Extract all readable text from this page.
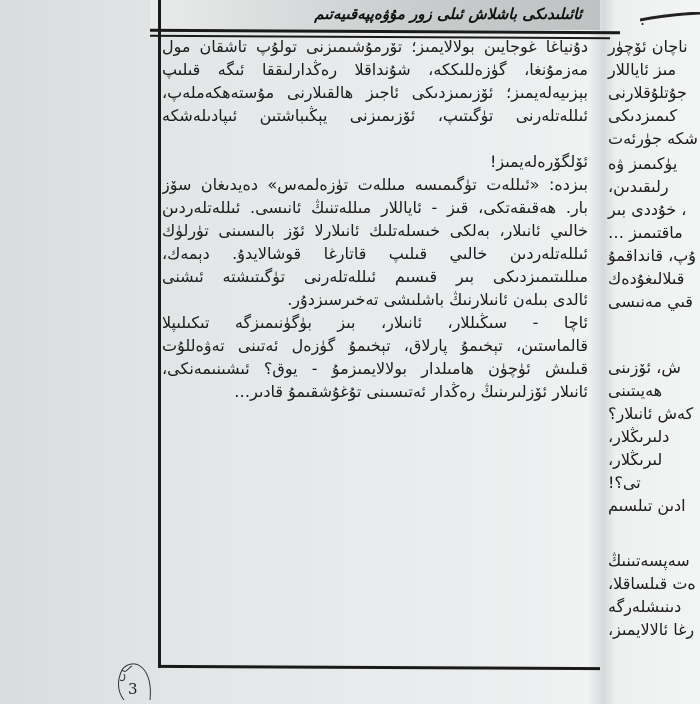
ئائىلىدىكى باشلاش ئىلى زور مۇۋەپپەقىيەتىم
دۇنياغا غوجايىن بولالايمىز؛ تۆرمۇشىمىزنى تولۇپ تاشقان مول
مەزمۇنغا، گۈزەللىككە، شۇنداقلا رەڭدارلىققا ئىگە قىلىپ
بېزىيەلەيمىز؛ ئۆزىمىزدىكى ئاجىز ھالقىلارنى مۇستەھكەملەپ،
ئىللەتلەرنى تۈگىتىپ، ئۆزىمىزنى يېڭىباشتىن ئىپادىلەشكە
ئۆلگۆرەلەيمىز!
بىزدە: «ئىللەت تۈگىمىسە مىللەت تۈزەلمەس» دەيدىغان سۆز
بار. ھەقىقەتكى، قىز - ئاياللار مىللەتنىڭ ئانىسى. ئىللەتلەردىن
خالىي ئانىلار، بەلكى خىسلەتلىك ئانىلارلا ئۆز بالىسىنى تۈرلۈك
ئىللەتلەردىن خالىي قىلىپ قاتارغا قوشالايدۇ. دېمەك،
مىللىتىمىزدىكى بىر قىسىم ئىللەتلەرنى تۈگىتىشتە ئىشنى
ئالدى بىلەن ئانىلارنىڭ باشلىشى تەخىرسىزدۇر.
ئاچا - سىڭىللار، ئانىلار، بىز بۈگۈنىمىزگە تىكىلىپلا
قالماستىن، تېخىمۇ پارلاق، تېخىمۇ گۈزەل ئەتىنى تەۋەللۇت
قىلىش ئۈچۈن ھامىلدار بولالايمىزمۇ - يوق؟ ئىشىنىمەنكى،
ئانىلار ئۆزلىرىنىڭ رەڭدار ئەتىسىنى تۇغۇشقىمۇ قادىر…
3
.
ناچان ئۆچۈر
مىز ئاياللار
جۇتلۇقلارنى
كىمىزدىكى
شكە جۈرئەت
يۈكىمىز ۋە
رلىقىدىن،
، خۇددى بىر
ماقتىمىز …
ۇپ، قانداقمۇ
قىلالىغۇدەك
قىي مەنىسى
ش، ئۆزىنى
ھەيىتىنى
كەش ئانىلار؟
دلىرىڭلار،
لىرىڭلار،
تى؟!
ادىن تىلسىم
سەپسەتىنىڭ
ەت قىلساقلا،
دىنىشلەرگە
رغا ئالالايمىز،
